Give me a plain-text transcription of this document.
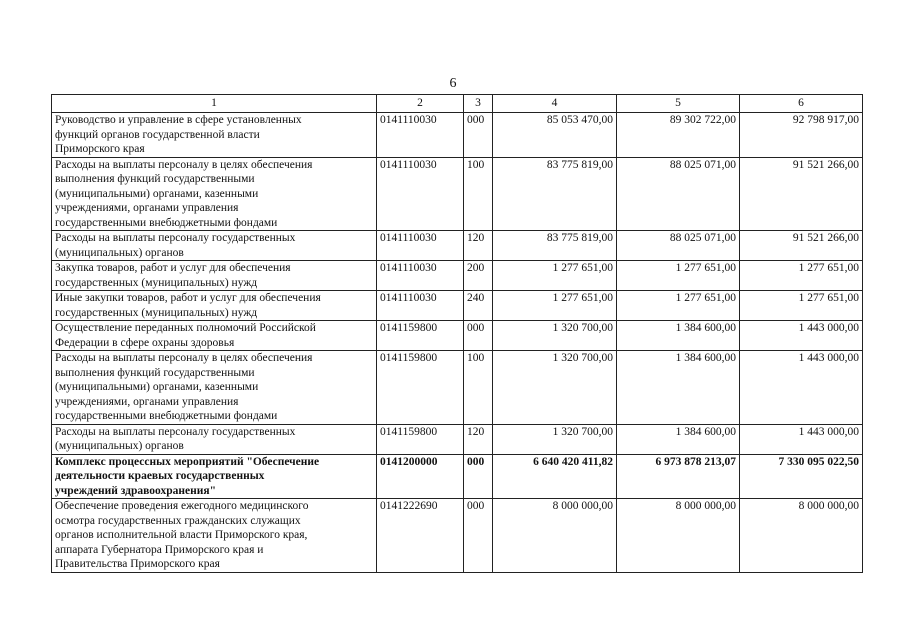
6
1	2	3	4	5	6

Руководство и управление в сфере установленных
функций органов государственной власти
Приморского края	0141110030	000	85 053 470,00	89 302 722,00	92 798 917,00

Расходы на выплаты персоналу в целях обеспечения
выполнения функций государственными
(муниципальными) органами, казенными
учреждениями, органами управления
государственными внебюджетными фондами	0141110030	100	83 775 819,00	88 025 071,00	91 521 266,00

Расходы на выплаты персоналу государственных
(муниципальных) органов	0141110030	120	83 775 819,00	88 025 071,00	91 521 266,00

Закупка товаров, работ и услуг для обеспечения
государственных (муниципальных) нужд	0141110030	200	1 277 651,00	1 277 651,00	1 277 651,00

Иные закупки товаров, работ и услуг для обеспечения
государственных (муниципальных) нужд	0141110030	240	1 277 651,00	1 277 651,00	1 277 651,00

Осуществление переданных полномочий Российской
Федерации в сфере охраны здоровья	0141159800	000	1 320 700,00	1 384 600,00	1 443 000,00

Расходы на выплаты персоналу в целях обеспечения
выполнения функций государственными
(муниципальными) органами, казенными
учреждениями, органами управления
государственными внебюджетными фондами	0141159800	100	1 320 700,00	1 384 600,00	1 443 000,00

Расходы на выплаты персоналу государственных
(муниципальных) органов	0141159800	120	1 320 700,00	1 384 600,00	1 443 000,00

Комплекс процессных мероприятий "Обеспечение
деятельности краевых государственных
учреждений здравоохранения"	0141200000	000	6 640 420 411,82	6 973 878 213,07	7 330 095 022,50

Обеспечение проведения ежегодного медицинского
осмотра государственных гражданских служащих
органов исполнительной власти Приморского края,
аппарата Губернатора Приморского края и
Правительства Приморского края	0141222690	000	8 000 000,00	8 000 000,00	8 000 000,00
